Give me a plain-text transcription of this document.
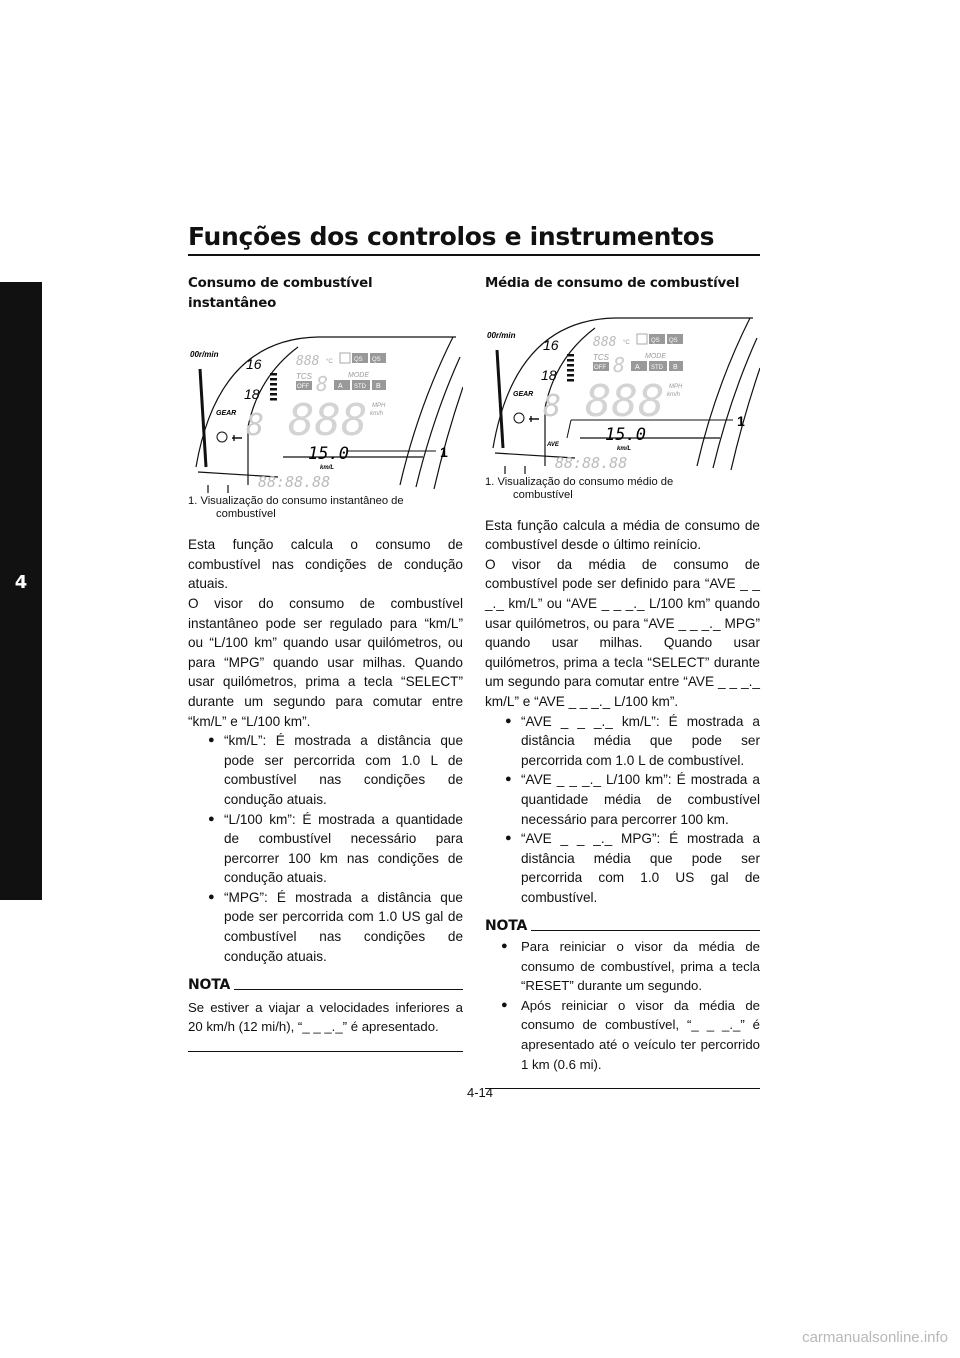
Funções dos controlos e instrumentos
4
Consumo de combustível instantâneo
00r/min
16
18
GEAR 8
888 °C	QS QS
TCS
OFF 8	MODE
A STD B
888 MPH
km/h
15.0
km/L
88:88.88
1
1. Visualização do consumo instantâneo de
combustível

Esta função calcula o consumo de combustível nas condições de condução atuais.

O visor do consumo de combustível instantâneo pode ser regulado para “km/L” ou “L/100 km” quando usar quilómetros, ou para “MPG” quando usar milhas. Quando usar quilómetros, prima a tecla “SELECT” durante um segundo para comutar entre “km/L” e “L/100 km”.

● “km/L”: É mostrada a distância que pode ser percorrida com 1.0 L de combustível nas condições de condução atuais.
● “L/100 km”: É mostrada a quantidade de combustível necessário para percorrer 100 km nas condições de condução atuais.
● “MPG”: É mostrada a distância que pode ser percorrida com 1.0 US gal de combustível nas condições de condução atuais.
NOTA
Se estiver a viajar a velocidades inferiores a 20 km/h (12 mi/h), “_ _ _._” é apresentado.
Média de consumo de combustível
00r/min
16
18
GEAR 8
888 °C	QS QS
TCS
OFF 8	MODE
A STD B
888 MPH
km/h
AVE	15.0
km/L
88:88.88
1
1. Visualização do consumo médio de
combustível

Esta função calcula a média de consumo de combustível desde o último reinício.

O visor da média de consumo de combustível pode ser definido para “AVE _ _ _._ km/L” ou “AVE _ _ _._ L/100 km” quando usar quilómetros, ou para “AVE _ _ _._ MPG” quando usar milhas. Quando usar quilómetros, prima a tecla “SELECT” durante um segundo para comutar entre “AVE _ _ _._ km/L” e “AVE _ _ _._ L/100 km”.

● “AVE _ _ _._ km/L”: É mostrada a distância média que pode ser percorrida com 1.0 L de combustível.
● “AVE _ _ _._ L/100 km”: É mostrada a quantidade média de combustível necessário para percorrer 100 km.
● “AVE _ _ _._ MPG”: É mostrada a distância média que pode ser percorrida com 1.0 US gal de combustível.
NOTA
● Para reiniciar o visor da média de consumo de combustível, prima a tecla “RESET” durante um segundo.
● Após reiniciar o visor da média de consumo de combustível, “_ _ _._” é apresentado até o veículo ter percorrido 1 km (0.6 mi).
4-14
carmanualsonline.info
